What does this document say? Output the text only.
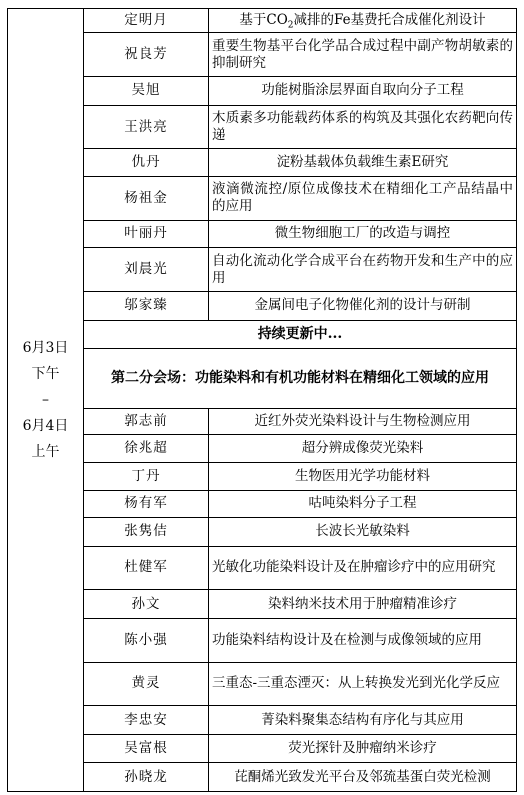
6月3日
下午
–
6月4日
上午	定明月	基于$CO_2$减排的Fe基费托合成催化剂设计
	祝良芳	重要生物基平台化学品合成过程中副产物胡敏素的抑制研究
	吴旭	功能树脂涂层界面自取向分子工程
	王洪亮	木质素多功能载药体系的构筑及其强化农药靶向传递
	仇丹	淀粉基载体负载维生素E研究
	杨祖金	液滴微流控/原位成像技术在精细化工产品结晶中的应用
	叶丽丹	微生物细胞工厂的改造与调控
	刘晨光	自动化流动化学合成平台在药物开发和生产中的应用
	邬家臻	金属间电子化物催化剂的设计与研制
	持续更新中...	
	第二分会场：功能染料和有机功能材料在精细化工领域的应用	
	郭志前	近红外荧光染料设计与生物检测应用
	徐兆超	超分辨成像荧光染料
	丁丹	生物医用光学功能材料
	杨有军	咕吨染料分子工程
	张隽佶	长波长光敏染料
	杜健军	光敏化功能染料设计及在肿瘤诊疗中的应用研究
	孙文	染料纳米技术用于肿瘤精准诊疗
	陈小强	功能染料结构设计及在检测与成像领域的应用
	黄灵	三重态-三重态湮灭：从上转换发光到光化学反应
	李忠安	菁染料聚集态结构有序化与其应用
	吴富根	荧光探针及肿瘤纳米诊疗
	孙晓龙	芘酮烯光致发光平台及邻巯基蛋白荧光检测
